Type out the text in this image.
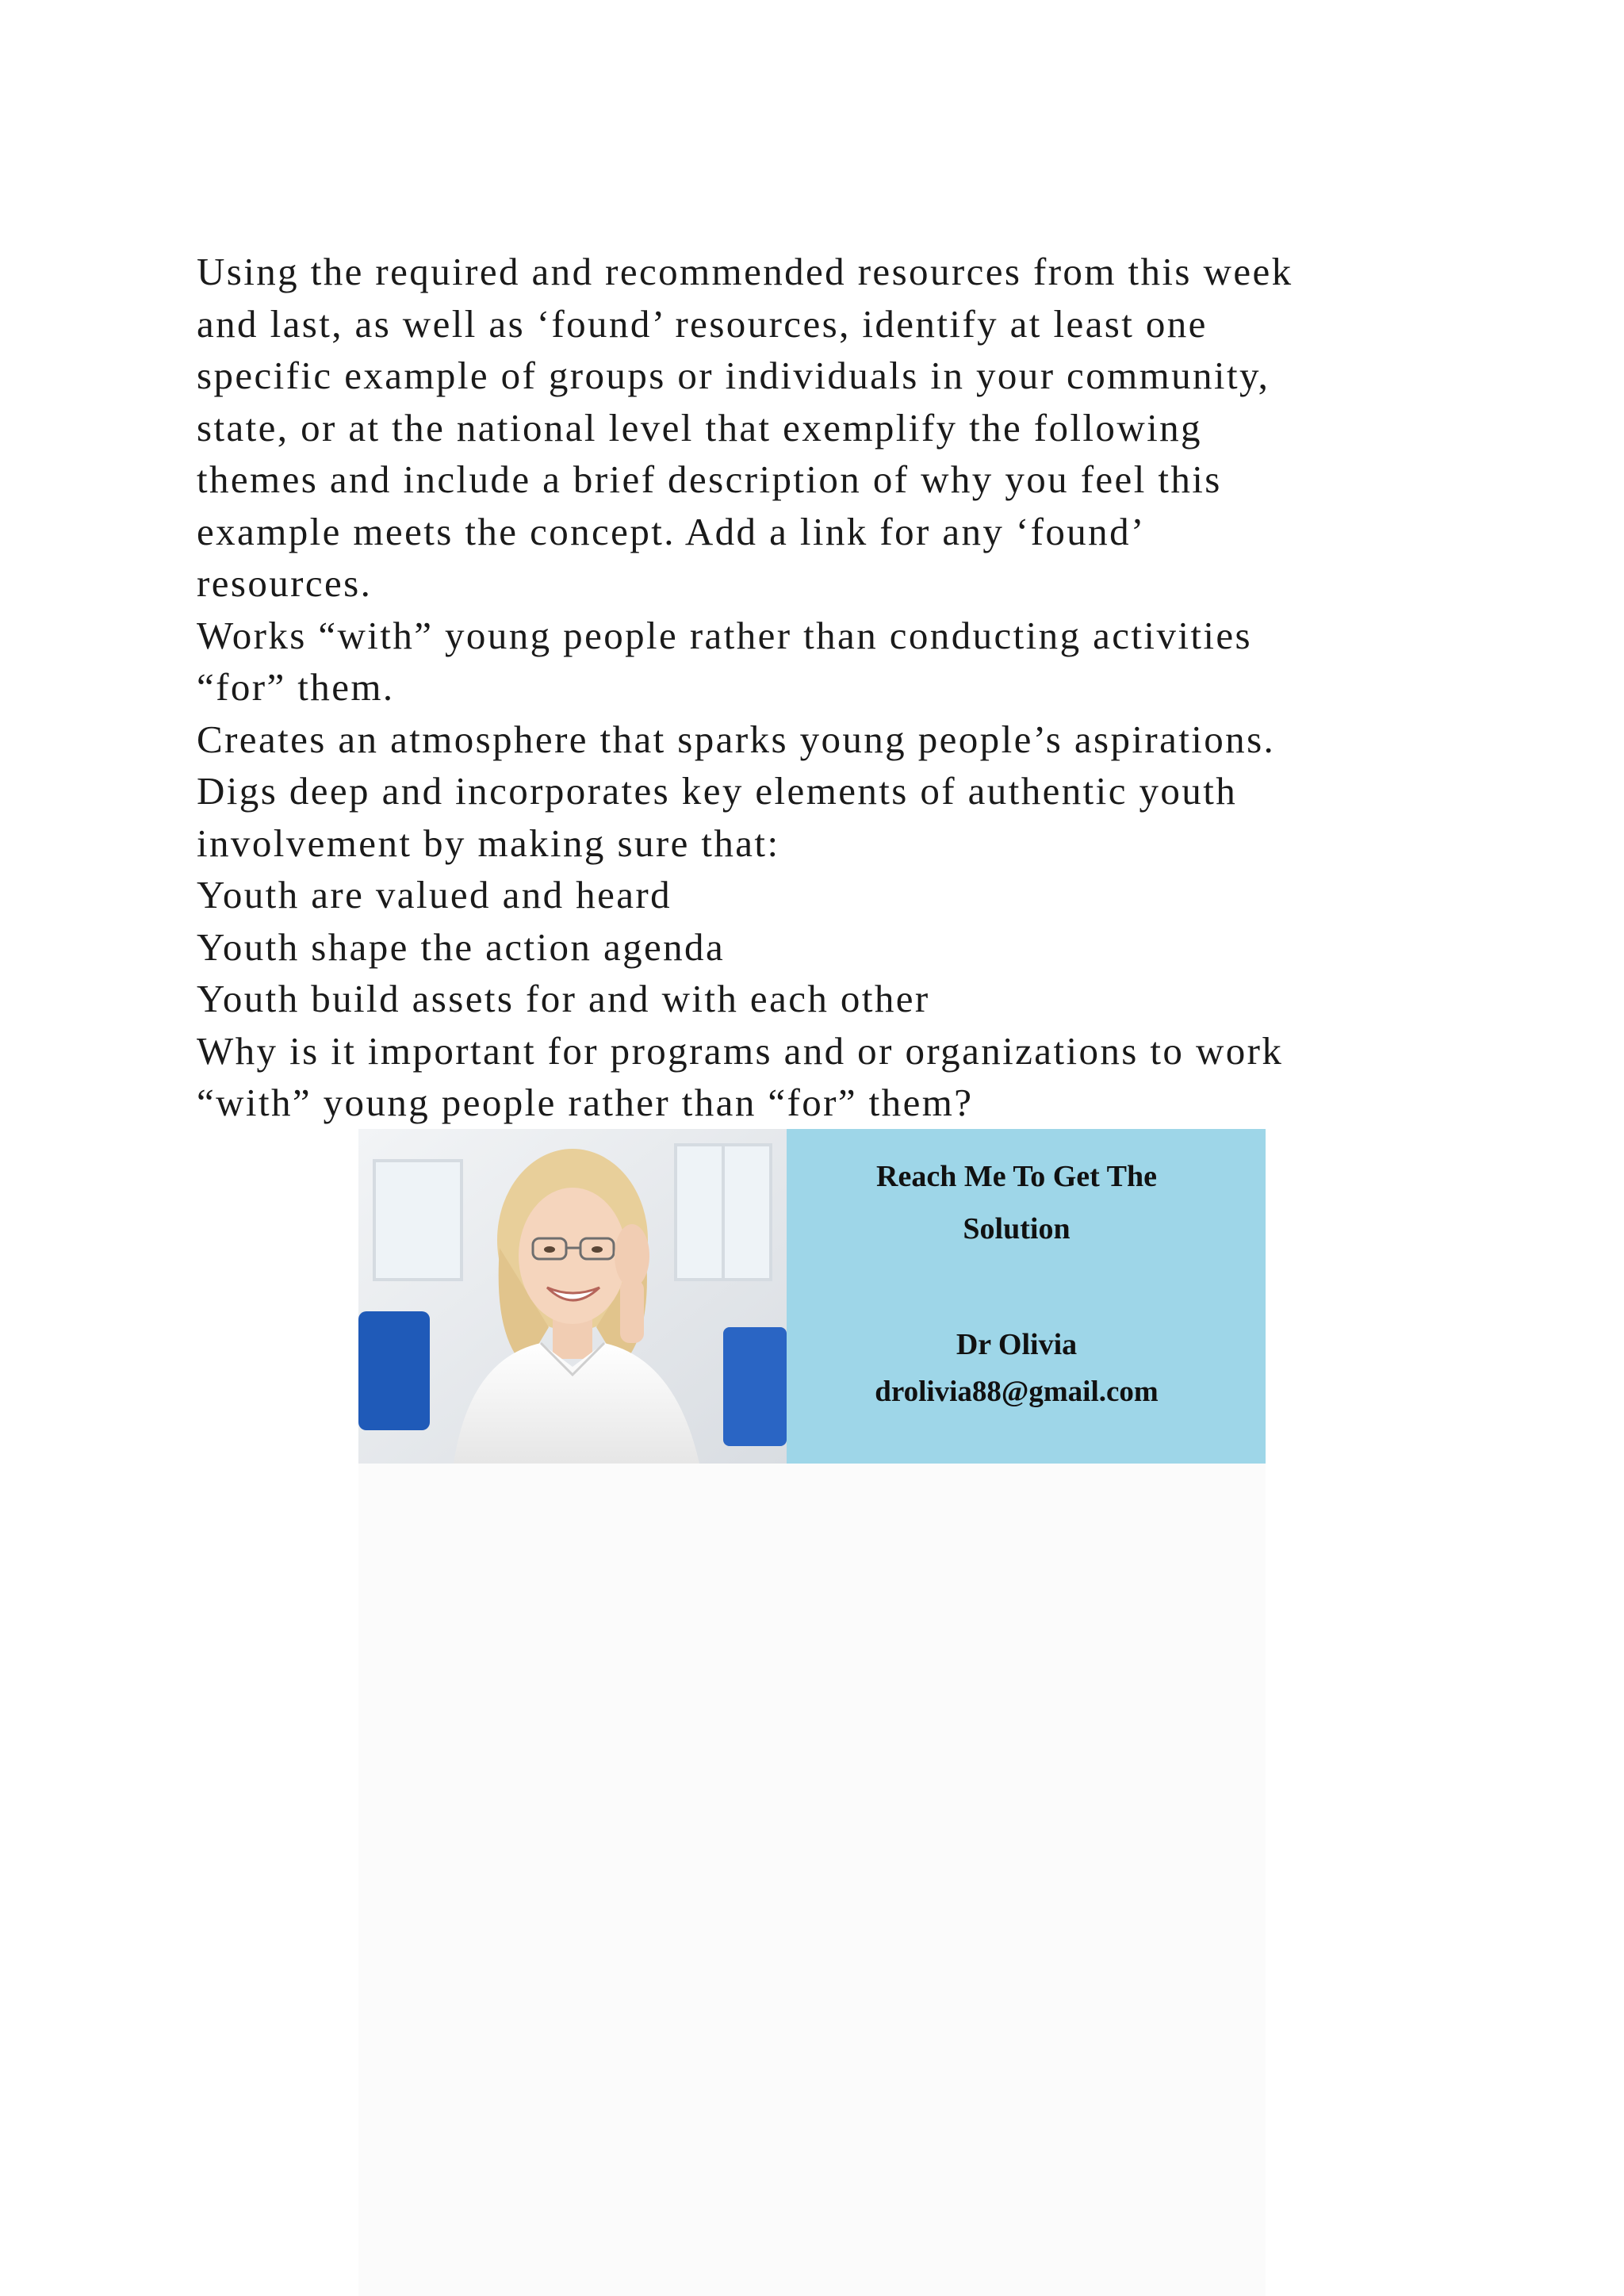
Using the required and recommended resources from this week
and last, as well as ‘found’ resources, identify at least one
specific example of groups or individuals in your community,
state, or at the national level that exemplify the following
themes and include a brief description of why you feel this
example meets the concept. Add a link for any ‘found’
resources.
Works “with” young people rather than conducting activities
“for” them.
Creates an atmosphere that sparks young people’s aspirations.
Digs deep and incorporates key elements of authentic youth
involvement by making sure that:
Youth are valued and heard
Youth shape the action agenda
Youth build assets for and with each other
Why is it important for programs and or organizations to work
“with” young people rather than “for” them?
Reach Me To Get The
Solution
Dr Olivia
drolivia88@gmail.com
